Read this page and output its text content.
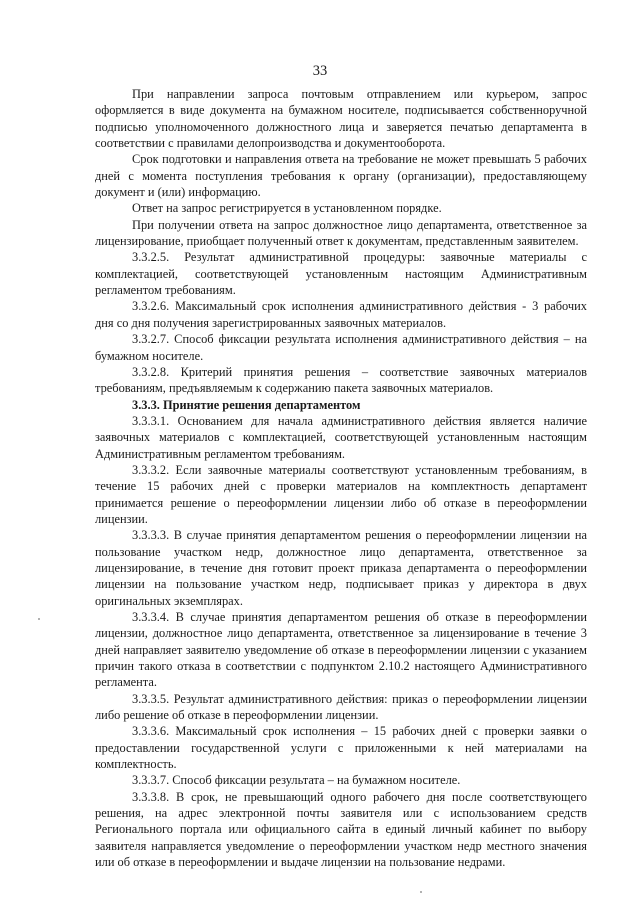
33

При направлении запроса почтовым отправлением или курьером, запрос оформляется в виде документа на бумажном носителе, подписывается собственноручной подписью уполномоченного должностного лица и заверяется печатью департамента в соответствии с правилами делопроизводства и документооборота.

Срок подготовки и направления ответа на требование не может превышать 5 рабочих дней с момента поступления требования к органу (организации), предоставляющему документ и (или) информацию.

Ответ на запрос регистрируется в установленном порядке.

При получении ответа на запрос должностное лицо департамента, ответственное за лицензирование, приобщает полученный ответ к документам, представленным заявителем.

3.3.2.5. Результат административной процедуры: заявочные материалы с комплектацией, соответствующей установленным настоящим Административным регламентом требованиям.

3.3.2.6. Максимальный срок исполнения административного действия - 3 рабочих дня со дня получения зарегистрированных заявочных материалов.

3.3.2.7. Способ фиксации результата исполнения административного действия – на бумажном носителе.

3.3.2.8. Критерий принятия решения – соответствие заявочных материалов требованиям, предъявляемым к содержанию пакета заявочных материалов.

3.3.3. Принятие решения департаментом

3.3.3.1. Основанием для начала административного действия является наличие заявочных материалов с комплектацией, соответствующей установленным настоящим Административным регламентом требованиям.

3.3.3.2. Если заявочные материалы соответствуют установленным требованиям, в течение 15 рабочих дней с проверки материалов на комплектность департамент принимается решение о переоформлении лицензии либо об отказе в переоформлении лицензии.

3.3.3.3. В случае принятия департаментом решения о переоформлении лицензии на пользование участком недр, должностное лицо департамента, ответственное за лицензирование, в течение дня готовит проект приказа департамента о переоформлении лицензии на пользование участком недр, подписывает приказ у директора в двух оригинальных экземплярах.

3.3.3.4. В случае принятия департаментом решения об отказе в переоформлении лицензии, должностное лицо департамента, ответственное за лицензирование в течение 3 дней направляет заявителю уведомление об отказе в переоформлении лицензии с указанием причин такого отказа в соответствии с подпунктом 2.10.2 настоящего Административного регламента.

3.3.3.5. Результат административного действия: приказ о переоформлении лицензии либо решение об отказе в переоформлении лицензии.

3.3.3.6. Максимальный срок исполнения – 15 рабочих дней с проверки заявки о предоставлении государственной услуги с приложенными к ней материалами на комплектность.

3.3.3.7. Способ фиксации результата – на бумажном носителе.

3.3.3.8. В срок, не превышающий одного рабочего дня после соответствующего решения, на адрес электронной почты заявителя или с использованием средств Регионального портала или официального сайта в единый личный кабинет по выбору заявителя направляется уведомление о переоформлении участком недр местного значения или об отказе в переоформлении и выдаче лицензии на пользование недрами.
